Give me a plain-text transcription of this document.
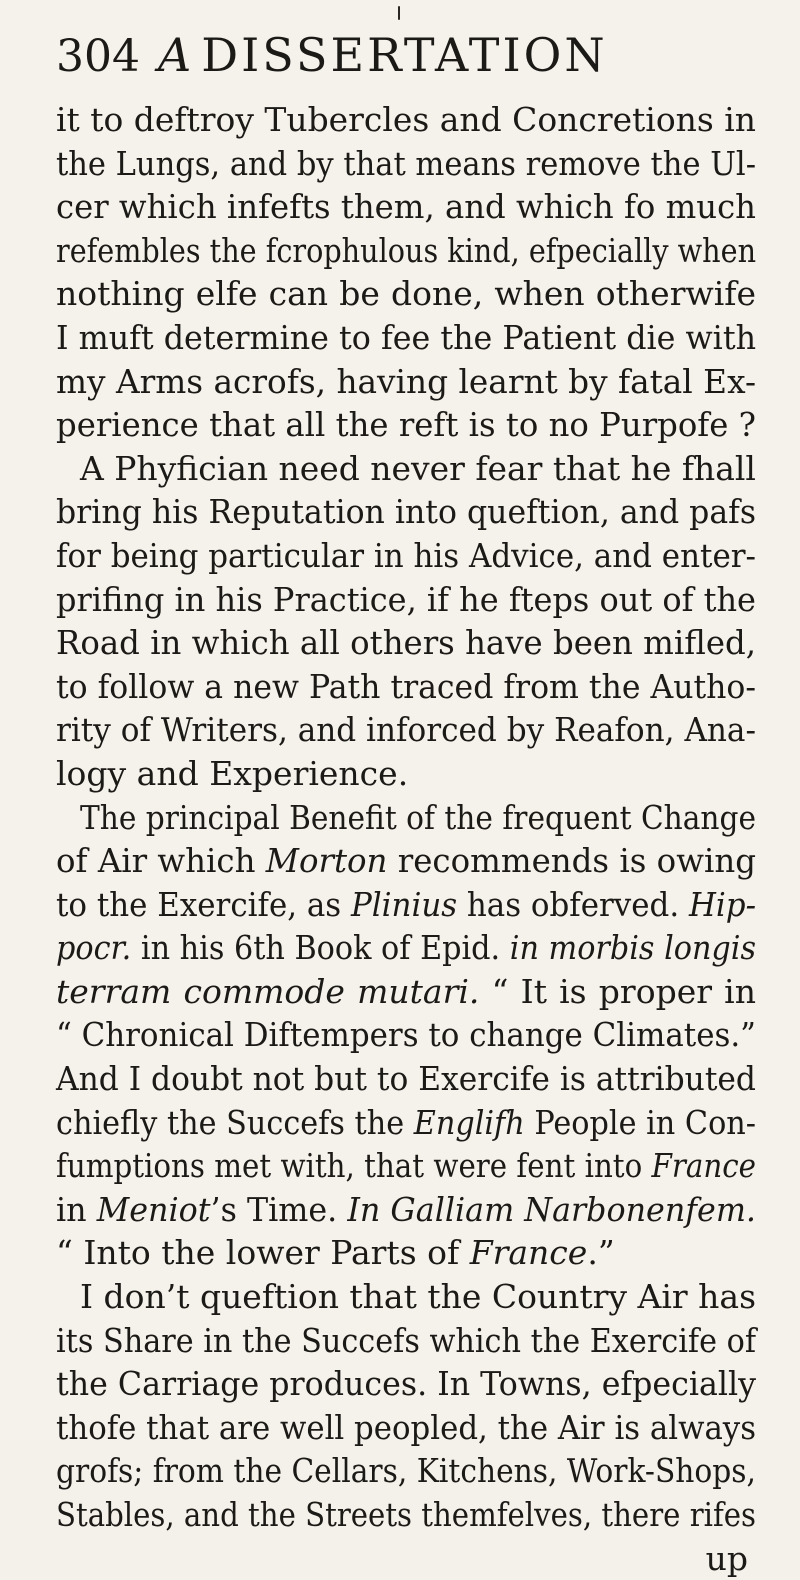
304 A DISSERTATION
it to deftroy Tubercles and Concretions in
the Lungs, and by that means remove the Ul-
cer which infefts them, and which fo much
refembles the fcrophulous kind, efpecially when
nothing elfe can be done, when otherwife
I muft determine to fee the Patient die with
my Arms acrofs, having learnt by fatal Ex-
perience that all the reft is to no Purpofe ?
A Phyfician need never fear that he fhall
bring his Reputation into queftion, and pafs
for being particular in his Advice, and enter-
prifing in his Practice, if he fteps out of the
Road in which all others have been mifled,
to follow a new Path traced from the Autho-
rity of Writers, and inforced by Reafon, Ana-
logy and Experience.
The principal Benefit of the frequent Change
of Air which Morton recommends is owing
to the Exercife, as Plinius has obferved. Hip-
pocr. in his 6th Book of Epid. in morbis longis
terram commode mutari. “ It is proper in
“ Chronical Diftempers to change Climates.”
And I doubt not but to Exercife is attributed
chiefly the Succefs the Englifh People in Con-
fumptions met with, that were fent into France
in Meniot’s Time. In Galliam Narbonenfem.
“ Into the lower Parts of France.”
I don’t queftion that the Country Air has
its Share in the Succefs which the Exercife of
the Carriage produces. In Towns, efpecially
thofe that are well peopled, the Air is always
grofs; from the Cellars, Kitchens, Work-Shops,
Stables, and the Streets themfelves, there rifes
up
